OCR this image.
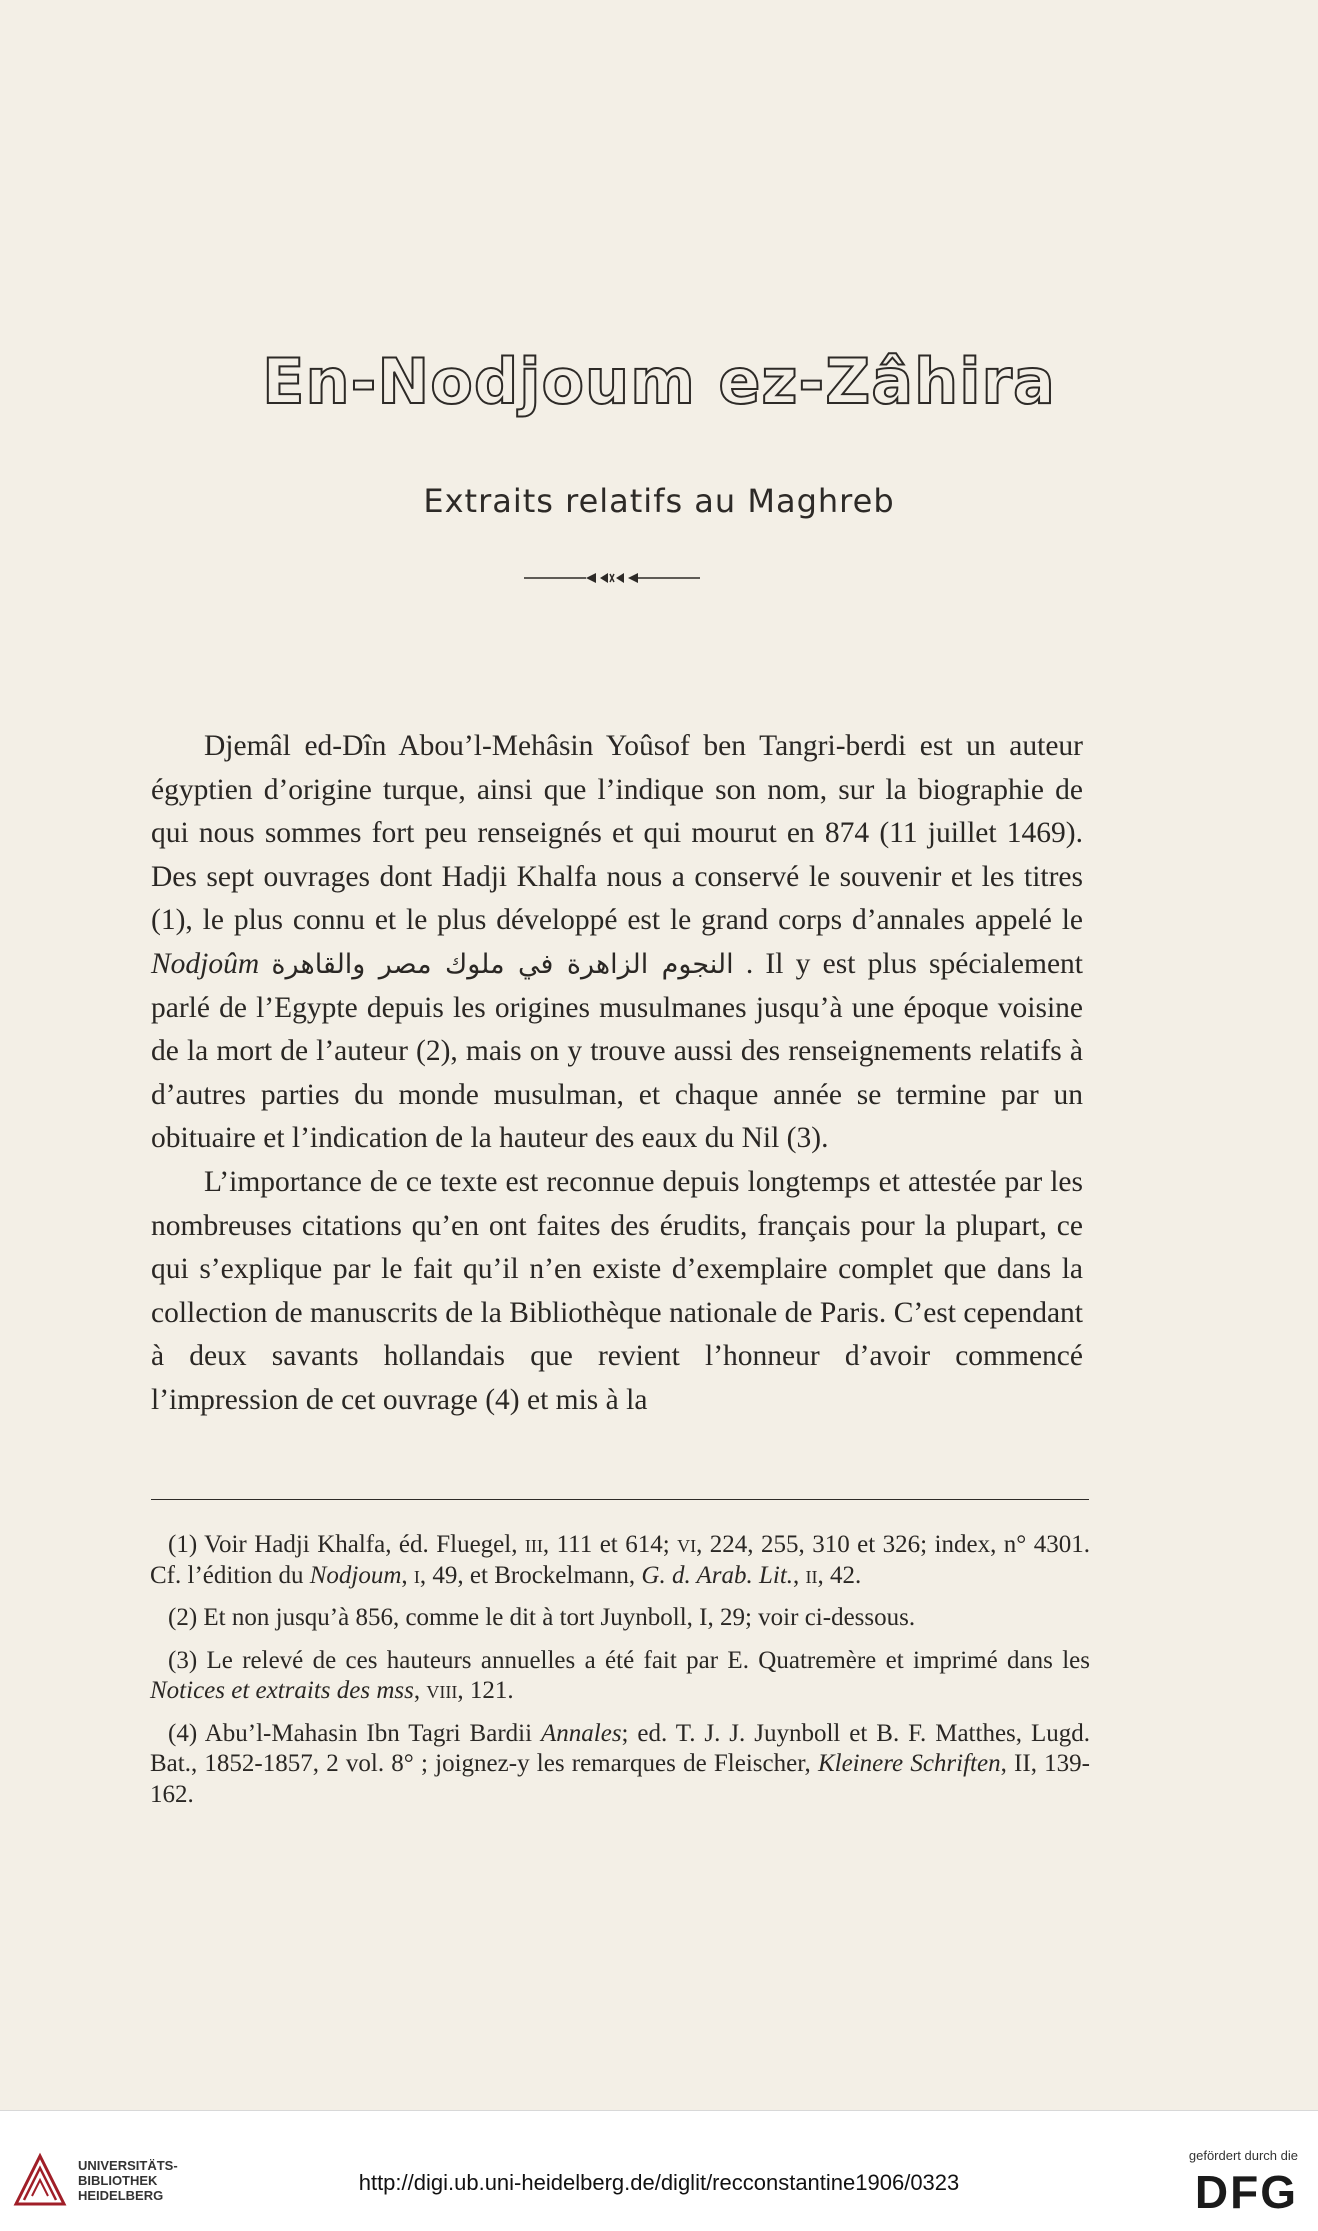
En-Nodjoum ez-Zâhira
Extraits relatifs au Maghreb

Djemâl ed-Dîn Abou’l-Mehâsin Yoûsof ben Tangri-berdi est un auteur égyptien d’origine turque, ainsi que l’indique son nom, sur la biographie de qui nous sommes fort peu renseignés et qui mourut en 874 (11 juillet 1469). Des sept ouvrages dont Hadji Khalfa nous a conservé le souvenir et les titres (1), le plus connu et le plus développé est le grand corps d’annales appelé le Nodjoûm النجوم الزاهرة في ملوك مصر والقاهرة . Il y est plus spécialement parlé de l’Egypte depuis les origines musulmanes jusqu’à une époque voisine de la mort de l’auteur (2), mais on y trouve aussi des renseignements relatifs à d’autres parties du monde musulman, et chaque année se termine par un obituaire et l’indication de la hauteur des eaux du Nil (3).

L’importance de ce texte est reconnue depuis longtemps et attestée par les nombreuses citations qu’en ont faites des érudits, français pour la plupart, ce qui s’explique par le fait qu’il n’en existe d’exemplaire complet que dans la collection de manuscrits de la Bibliothèque nationale de Paris. C’est cependant à deux savants hollandais que revient l’honneur d’avoir commencé l’impression de cet ouvrage (4) et mis à la

(1) Voir Hadji Khalfa, éd. Fluegel, iii, 111 et 614; vi, 224, 255, 310 et 326; index, n° 4301. Cf. l’édition du Nodjoum, i, 49, et Brockelmann, G. d. Arab. Lit., ii, 42.

(2) Et non jusqu’à 856, comme le dit à tort Juynboll, I, 29; voir ci-dessous.

(3) Le relevé de ces hauteurs annuelles a été fait par E. Quatremère et imprimé dans les Notices et extraits des mss, viii, 121.

(4) Abu’l-Mahasin Ibn Tagri Bardii Annales; ed. T. J. J. Juynboll et B. F. Matthes, Lugd. Bat., 1852-1857, 2 vol. 8° ; joignez-y les remarques de Fleischer, Kleinere Schriften, II, 139-162.

UNIVERSITÄTS-
BIBLIOTHEK
HEIDELBERG
http://digi.ub.uni-heidelberg.de/diglit/recconstantine1906/0323
gefördert durch die
DFG
